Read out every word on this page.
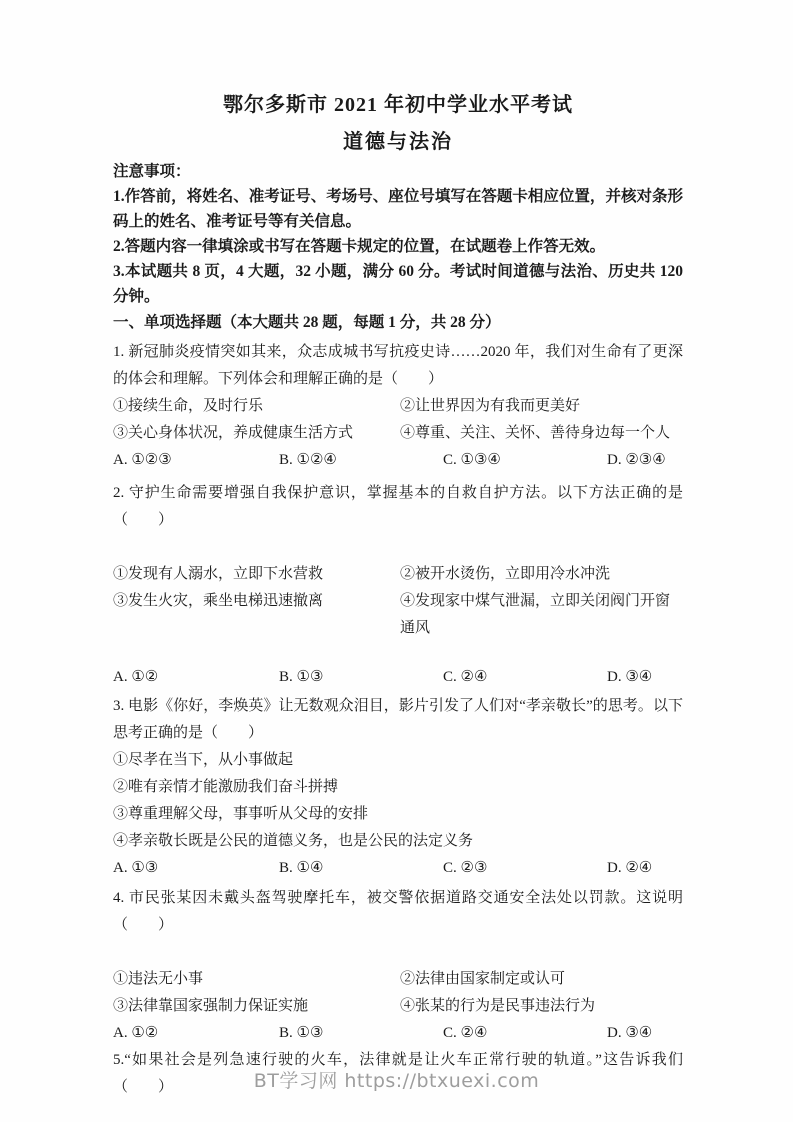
鄂尔多斯市 2021 年初中学业水平考试
道德与法治

注意事项：

1.作答前，将姓名、准考证号、考场号、座位号填写在答题卡相应位置，并核对条形码上的姓名、准考证号等有关信息。

2.答题内容一律填涂或书写在答题卡规定的位置，在试题卷上作答无效。

3.本试题共 8 页，4 大题，32 小题，满分 60 分。考试时间道德与法治、历史共 120 分钟。

一、单项选择题（本大题共 28 题，每题 1 分，共 28 分）

1. 新冠肺炎疫情突如其来，众志成城书写抗疫史诗……2020 年，我们对生命有了更深的体会和理解。下列体会和理解正确的是（　　）

①接续生命，及时行乐	②让世界因为有我而更美好
③关心身体状况，养成健康生活方式	④尊重、关注、关怀、善待身边每一个人
A. ①②③	B. ①②④	C. ①③④	D. ②③④

2. 守护生命需要增强自我保护意识，掌握基本的自救自护方法。以下方法正确的是（　　）

①发现有人溺水，立即下水营救	②被开水烫伤，立即用冷水冲洗
③发生火灾，乘坐电梯迅速撤离	④发现家中煤气泄漏，立即关闭阀门开窗通风
A. ①②	B. ①③	C. ②④	D. ③④

3. 电影《你好，李焕英》让无数观众泪目，影片引发了人们对“孝亲敬长”的思考。以下思考正确的是（　　）

①尽孝在当下，从小事做起

②唯有亲情才能激励我们奋斗拼搏

③尊重理解父母，事事听从父母的安排

④孝亲敬长既是公民的道德义务，也是公民的法定义务

A. ①③	B. ①④	C. ②③	D. ②④

4. 市民张某因未戴头盔驾驶摩托车，被交警依据道路交通安全法处以罚款。这说明（　　）

①违法无小事	②法律由国家制定或认可
③法律靠国家强制力保证实施	④张某的行为是民事违法行为
A. ①②	B. ①③	C. ②④	D. ③④

5.“如果社会是列急速行驶的火车，法律就是让火车正常行驶的轨道。”这告诉我们（　　）	BT学习网 https://btxuexi.com
